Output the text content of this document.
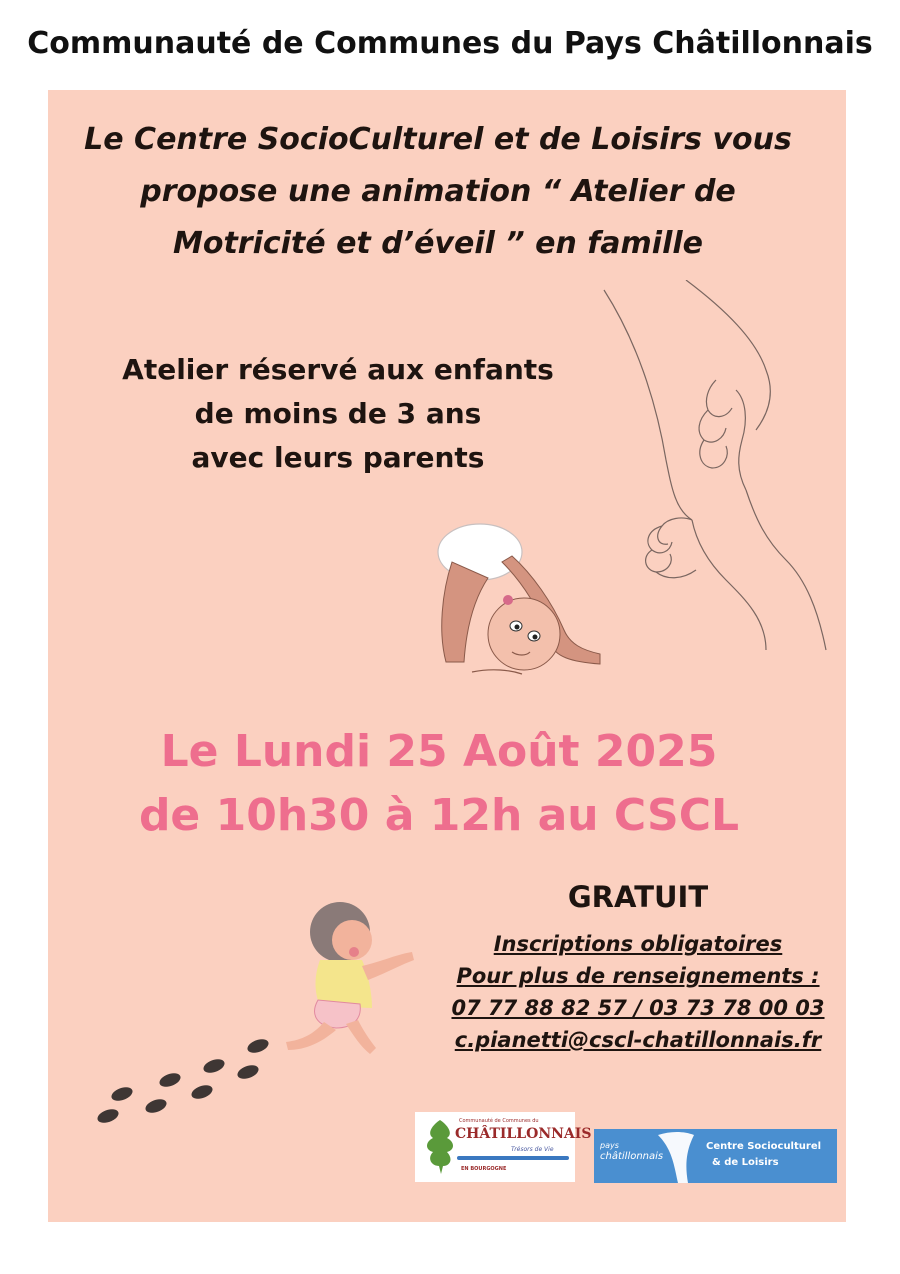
Communauté de Communes du Pays Châtillonnais
Le Centre SocioCulturel et de Loisirs vous
propose une animation “ Atelier de
Motricité et d’éveil ” en famille
Atelier réservé aux enfants
de moins de 3 ans
avec leurs parents
Le Lundi 25 Août 2025
de 10h30 à 12h au CSCL
GRATUIT
Inscriptions obligatoires
Pour plus de renseignements :
07 77 88 82 57 / 03 73 78 00 03
c.pianetti@cscl-chatillonnais.fr
Communauté de Communes du
CHÂTILLONNAIS
Trésors de Vie
EN BOURGOGNE
pays
châtillonnais
Centre Socioculturel
& de Loisirs
